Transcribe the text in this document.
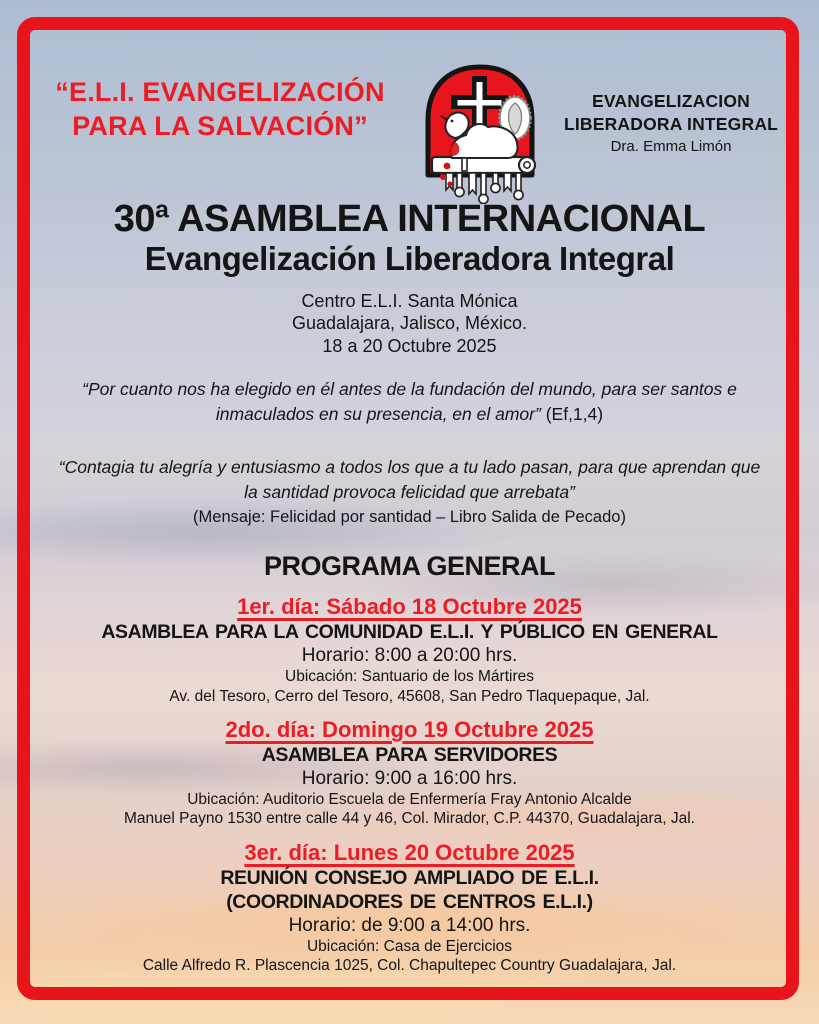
“E.L.I. EVANGELIZACIÓN
PARA LA SALVACIÓN”
EVANGELIZACION
LIBERADORA INTEGRAL
Dra. Emma Limón
30ª ASAMBLEA INTERNACIONAL
Evangelización Liberadora Integral
Centro E.L.I. Santa Mónica
Guadalajara, Jalisco, México.
18 a 20 Octubre 2025

“Por cuanto nos ha elegido en él antes de la fundación del mundo, para ser santos e inmaculados en su presencia, en el amor” (Ef,1,4)

“Contagia tu alegría y entusiasmo a todos los que a tu lado pasan, para que aprendan que la santidad provoca felicidad que arrebata”
(Mensaje: Felicidad por santidad – Libro Salida de Pecado)

PROGRAMA GENERAL
1er. día: Sábado 18 Octubre 2025
ASAMBLEA PARA LA COMUNIDAD E.L.I. Y PÚBLICO EN GENERAL
Horario: 8:00 a 20:00 hrs.
Ubicación: Santuario de los Mártires
Av. del Tesoro, Cerro del Tesoro, 45608, San Pedro Tlaquepaque, Jal.
2do. día: Domingo 19 Octubre 2025
ASAMBLEA PARA SERVIDORES
Horario: 9:00 a 16:00 hrs.
Ubicación: Auditorio Escuela de Enfermería Fray Antonio Alcalde
Manuel Payno 1530 entre calle 44 y 46, Col. Mirador, C.P. 44370, Guadalajara, Jal.
3er. día: Lunes 20 Octubre 2025
REUNIÓN CONSEJO AMPLIADO DE E.L.I.
(COORDINADORES DE CENTROS E.L.I.)
Horario: de 9:00 a 14:00 hrs.
Ubicación: Casa de Ejercicios
Calle Alfredo R. Plascencia 1025, Col. Chapultepec Country Guadalajara, Jal.
